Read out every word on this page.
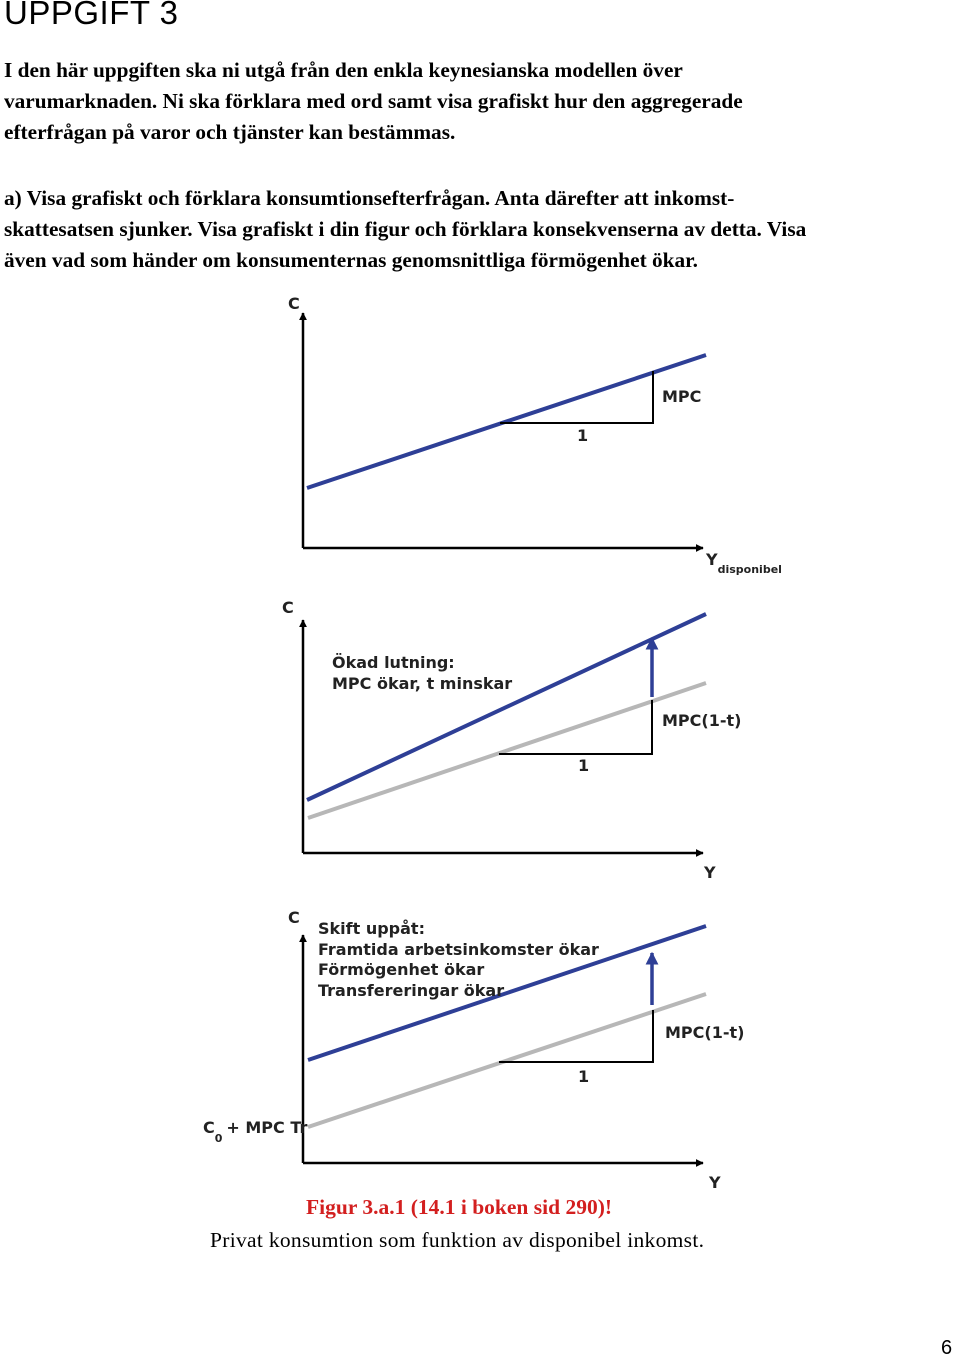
UPPGIFT 3

I den här uppgiften ska ni utgå från den enkla keynesianska modellen över
varumarknaden. Ni ska förklara med ord samt visa grafiskt hur den aggregerade
efterfrågan på varor och tjänster kan bestämmas.

a) Visa grafiskt och förklara konsumtionsefterfrågan. Anta därefter att inkomst-
skattesatsen sjunker. Visa grafiskt i din figur och förklara konsekvenserna av detta. Visa
även vad som händer om konsumenternas genomsnittliga förmögenhet ökar.

C
$Y_{disponibel}$
MPC
1
Ökad lutning:
MPC ökar, t minskar
C
Y
MPC(1-t)
1
Skift uppåt:
Framtida arbetsinkomster ökar
Förmögenhet ökar
Transfereringar ökar
C
Y
MPC(1-t)
1
$C_0+$ MPC Tr

Figur 3.a.1 (14.1 i boken sid 290)!

Privat konsumtion som funktion av disponibel inkomst.

6
